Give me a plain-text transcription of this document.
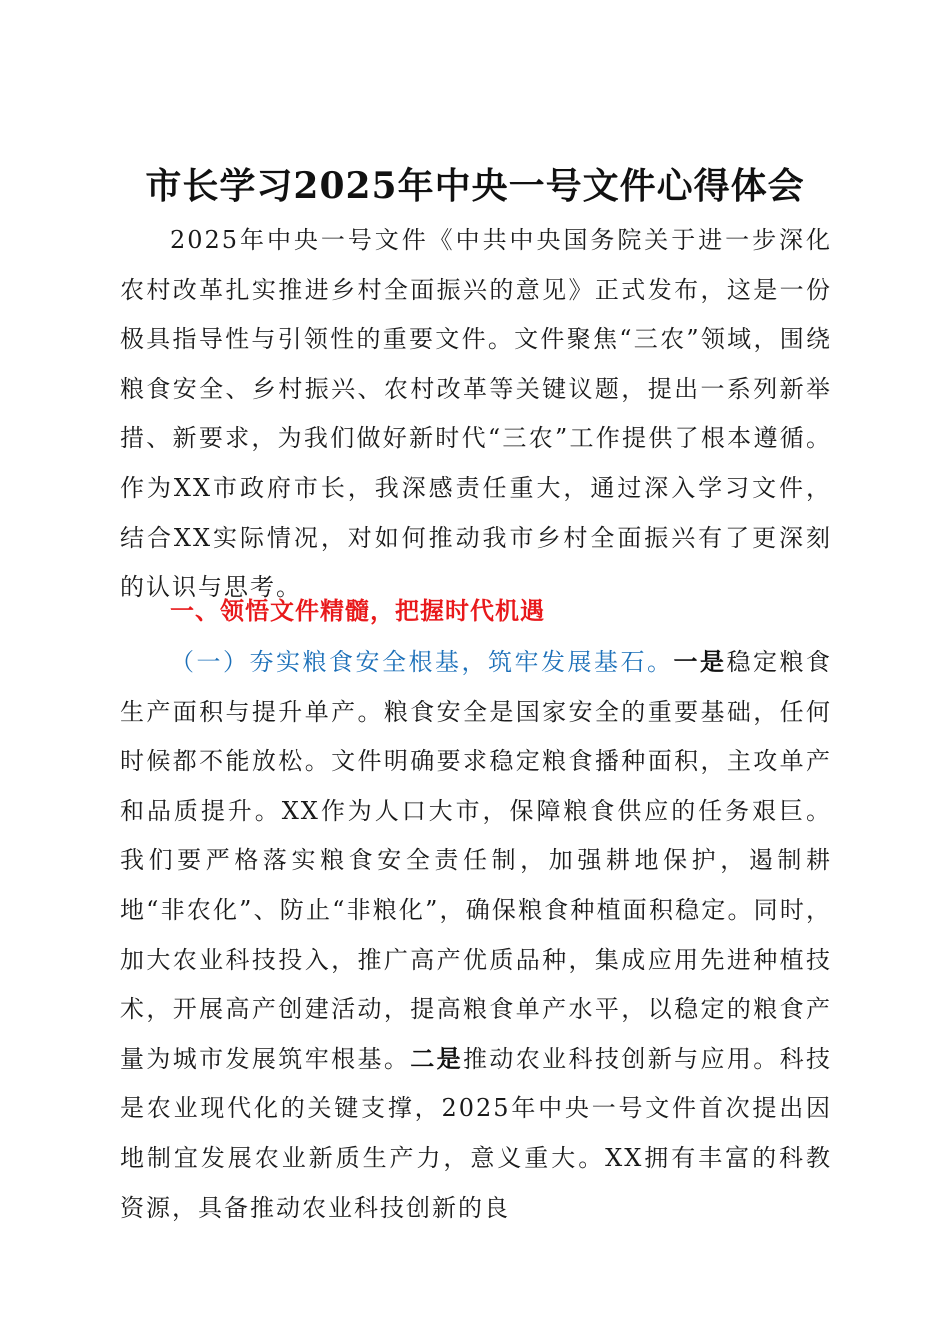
市长学习2025年中央一号文件心得体会
2025年中央一号文件《中共中央国务院关于进一步深化农村改革扎实推进乡村全面振兴的意见》正式发布，这是一份极具指导性与引领性的重要文件。文件聚焦“三农”领域，围绕粮食安全、乡村振兴、农村改革等关键议题，提出一系列新举措、新要求，为我们做好新时代“三农”工作提供了根本遵循。作为XX市政府市长，我深感责任重大，通过深入学习文件，结合XX实际情况，对如何推动我市乡村全面振兴有了更深刻的认识与思考。
一、领悟文件精髓，把握时代机遇
（一）夯实粮食安全根基，筑牢发展基石。一是稳定粮食生产面积与提升单产。粮食安全是国家安全的重要基础，任何时候都不能放松。文件明确要求稳定粮食播种面积，主攻单产和品质提升。XX作为人口大市，保障粮食供应的任务艰巨。我们要严格落实粮食安全责任制，加强耕地保护，遏制耕地“非农化”、防止“非粮化”，确保粮食种植面积稳定。同时，加大农业科技投入，推广高产优质品种，集成应用先进种植技术，开展高产创建活动，提高粮食单产水平，以稳定的粮食产量为城市发展筑牢根基。二是推动农业科技创新与应用。科技是农业现代化的关键支撑，2025年中央一号文件首次提出因地制宜发展农业新质生产力，意义重大。XX拥有丰富的科教资源，具备推动农业科技创新的良
